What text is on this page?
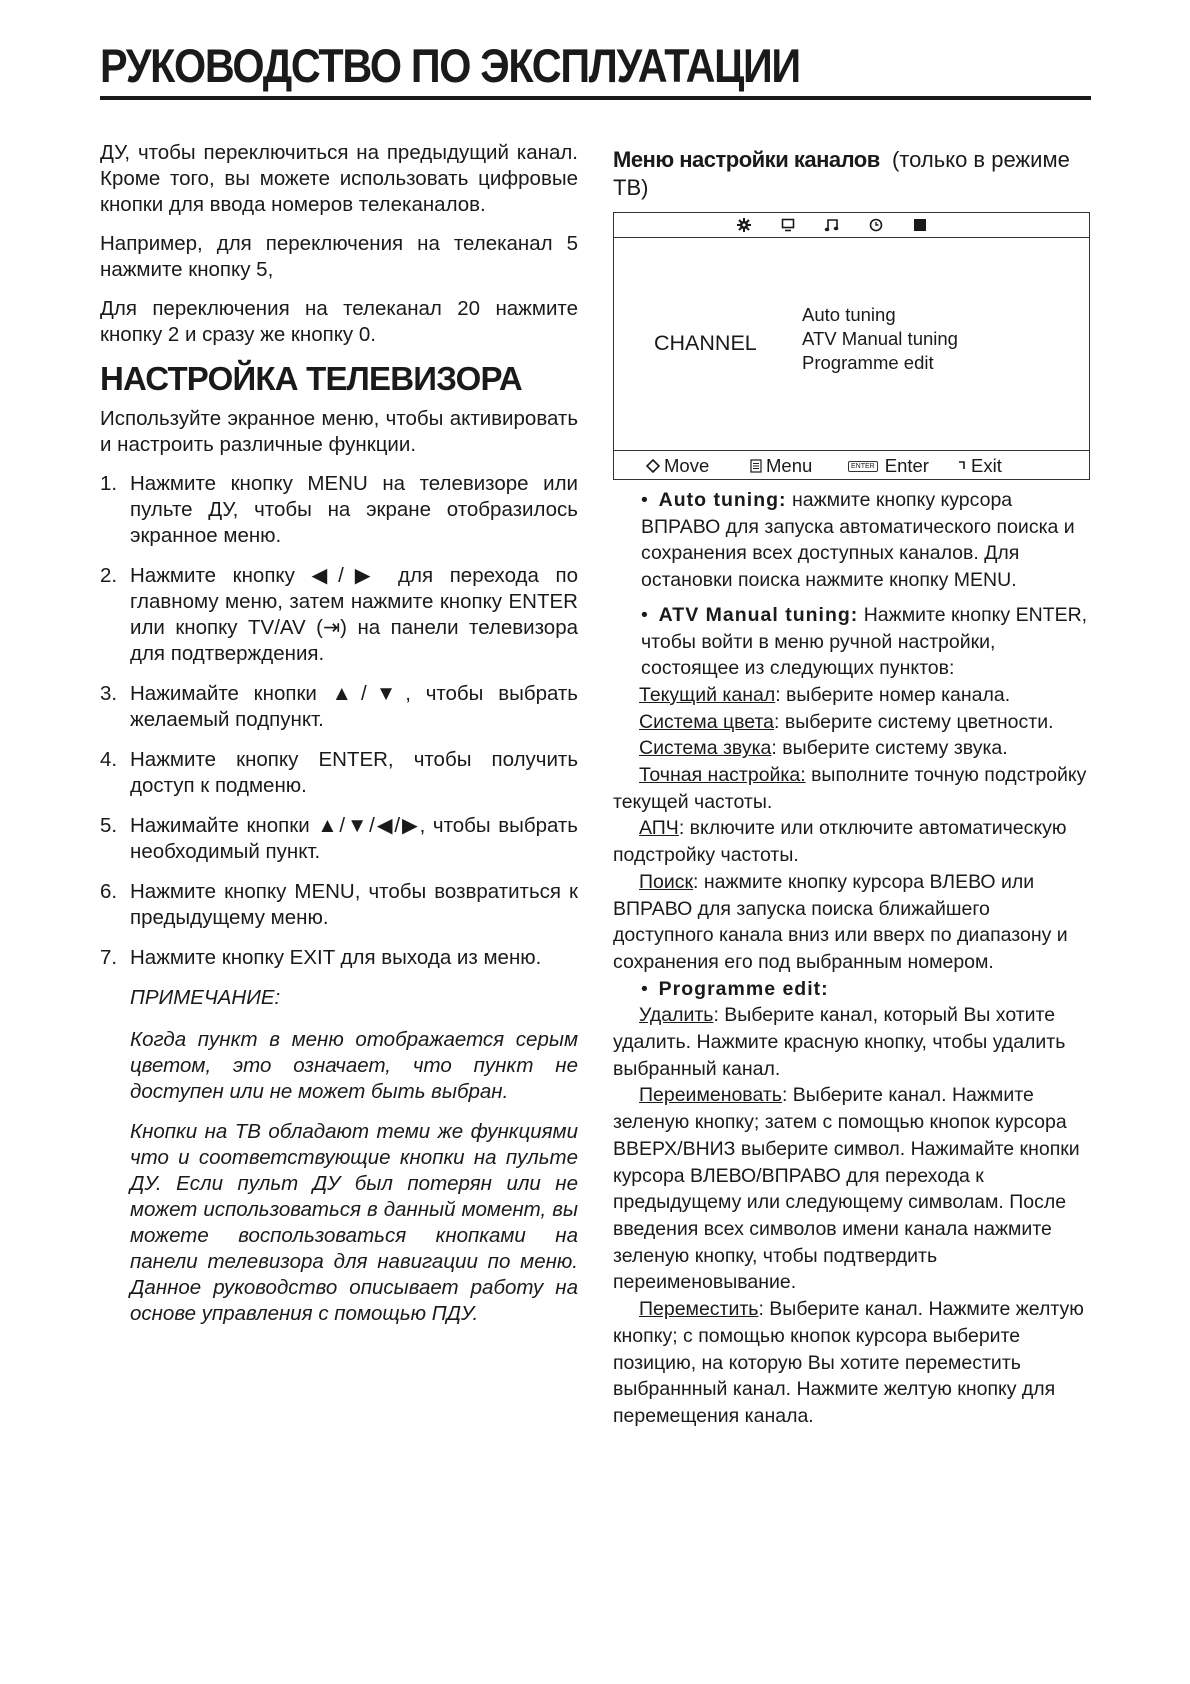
РУКОВОДСТВО ПО ЭКСПЛУАТАЦИИ

ДУ, чтобы переключиться на предыдущий канал. Кроме того, вы можете использовать цифровые кнопки для ввода номеров телеканалов.

Например, для переключения на телеканал 5 нажмите кнопку 5,

Для переключения на телеканал 20 нажмите кнопку 2 и сразу же кнопку 0.

НАСТРОЙКА ТЕЛЕВИЗОРА

Используйте экранное меню, чтобы активировать и настроить различные функции.

1. Нажмите кнопку MENU на телевизоре или пульте ДУ, чтобы на экране отобразилось экранное меню.
2. Нажмите кнопку ◀/▶ для перехода по главному меню, затем нажмите кнопку ENTER или кнопку TV/AV (⇥) на панели телевизора для подтверждения.
3. Нажимайте кнопки ▲/▼, чтобы выбрать желаемый подпункт.
4. Нажмите кнопку ENTER, чтобы получить доступ к подменю.
5. Нажимайте кнопки ▲/▼/◀/▶, чтобы выбрать необходимый пункт.
6. Нажмите кнопку MENU, чтобы возвратиться к предыдущему меню.
7. Нажмите кнопку EXIT для выхода из меню.

ПРИМЕЧАНИЕ:

Когда пункт в меню отображается серым цветом, это означает, что пункт не доступен или не может быть выбран.

Кнопки на ТВ обладают теми же функциями что и соответствующие кнопки на пульте ДУ. Если пульт ДУ был потерян или не может использоваться в данный момент, вы можете воспользоваться кнопками на панели телевизора для навигации по меню. Данное руководство описывает работу на основе управления с помощью ПДУ.

Меню настройки каналов (только в режиме ТВ)

CHANNEL
Auto tuning
ATV Manual tuning
Programme edit
Move	Menu	ENTER Enter Exit

•  Auto tuning: нажмите кнопку курсора ВПРАВО для запуска автоматического поиска и сохранения всех доступных каналов. Для остановки поиска нажмите кнопку MENU.

•  ATV Manual tuning: Нажмите кнопку ENTER, чтобы войти в меню ручной настройки, состоящее из следующих пунктов:

Текущий канал: выберите номер канала.

Система цвета: выберите систему цветности.

Система звука: выберите систему звука.

Точная настройка: выполните точную подстройку текущей частоты.

АПЧ: включите или отключите автоматическую подстройку частоты.

Поиск: нажмите кнопку курсора ВЛЕВО или ВПРАВО для запуска поиска ближайшего доступного канала вниз или вверх по диапазону и сохранения его под выбранным номером.

•  Programme edit:

Удалить: Выберите канал, который Вы хотите удалить. Нажмите красную кнопку, чтобы удалить выбранный канал.

Переименовать: Выберите канал. Нажмите зеленую кнопку; затем с помощью кнопок курсора ВВЕРХ/ВНИЗ выберите символ. Нажимайте кнопки курсора ВЛЕВО/ВПРАВО для перехода к предыдущему или следующему символам. После введения всех символов имени канала нажмите зеленую кнопку, чтобы подтвердить переименовывание.

Переместить: Выберите канал. Нажмите желтую кнопку; с помощью кнопок курсора выберите позицию, на которую Вы хотите переместить выбраннный канал. Нажмите желтую кнопку для перемещения канала.
